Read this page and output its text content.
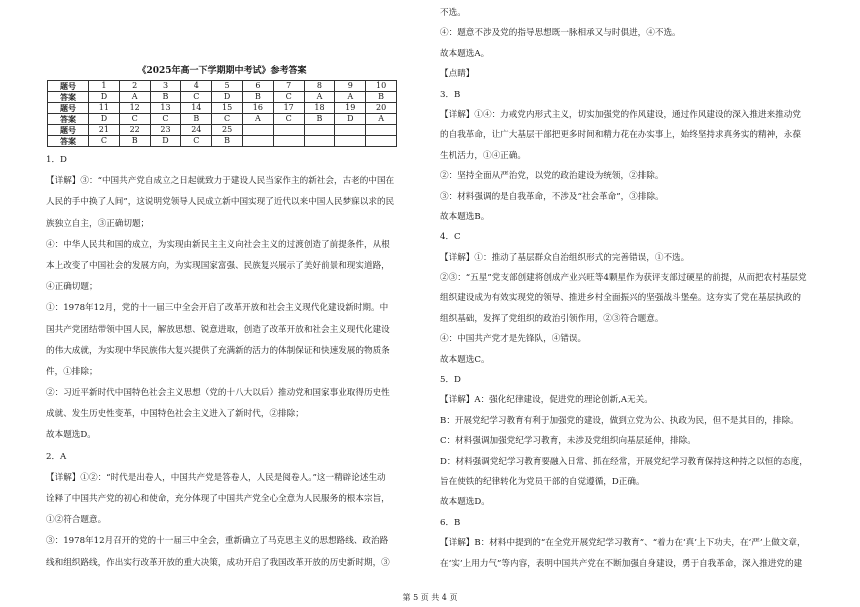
《2025年高一下学期期中考试》参考答案
题号	1	2	3	4	5	6	7	8	9	10
答案	D	A	B	C	D	B	C	A	A	B
题号	11	12	13	14	15	16	17	18	19	20
答案	D	C	C	B	C	A	C	B	D	A
题号	21	22	23	24	25					
答案	C	B	D	C	B					
1．D
【详解】③：“中国共产党自成立之日起就致力于建设人民当家作主的新社会，古老的中国在
人民的手中换了人间”，这说明党领导人民成立新中国实现了近代以来中国人民梦寐以求的民
族独立自主，③正确切题；
④：中华人民共和国的成立，为实现由新民主主义向社会主义的过渡创造了前提条件，从根
本上改变了中国社会的发展方向，为实现国家富强、民族复兴展示了美好前景和现实道路，
④正确切题；
①：1978年12月，党的十一届三中全会开启了改革开放和社会主义现代化建设新时期。中
国共产党团结带领中国人民，解放思想、锐意进取，创造了改革开放和社会主义现代化建设
的伟大成就，为实现中华民族伟大复兴提供了充满新的活力的体制保证和快速发展的物质条
件，①排除；
②：习近平新时代中国特色社会主义思想（党的十八大以后）推动党和国家事业取得历史性
成就、发生历史性变革，中国特色社会主义进入了新时代，②排除；
故本题选D。
2．A
【详解】①②：“时代是出卷人，中国共产党是答卷人，人民是阅卷人。”这一精辟论述生动
诠释了中国共产党的初心和使命，充分体现了中国共产党全心全意为人民服务的根本宗旨，
①②符合题意。
③：1978年12月召开的党的十一届三中全会，重新确立了马克思主义的思想路线、政治路
线和组织路线，作出实行改革开放的重大决策，成功开启了我国改革开放的历史新时期，③
不选。
④：题意不涉及党的指导思想既一脉相承又与时俱进，④不选。
故本题选A。
【点睛】
3．B
【详解】①④：力戒党内形式主义，切实加强党的作风建设，通过作风建设的深入推进来推动党
的自我革命，让广大基层干部把更多时间和精力花在办实事上，始终坚持求真务实的精神，永葆
生机活力，①④正确。
②：坚持全面从严治党，以党的政治建设为统领，②排除。
③：材料强调的是自我革命，不涉及“社会革命”，③排除。
故本题选B。
4．C
【详解】①：推动了基层群众自治组织形式的完善错误，①不选。
②③：“五星”党支部创建将创成产业兴旺等4颗星作为获评支部过硬星的前提，从而把农村基层党
组织建设成为有效实现党的领导、推进乡村全面振兴的坚强战斗堡垒。这夯实了党在基层执政的
组织基础，发挥了党组织的政治引领作用，②③符合题意。
④：中国共产党才是先锋队，④错误。
故本题选C。
5．D
【详解】A：强化纪律建设，促进党的理论创新,A无关。
B：开展党纪学习教育有利于加强党的建设，做到立党为公、执政为民，但不是其目的，排除。
C：材料强调加强党纪学习教育，未涉及党组织向基层延伸，排除。
D：材料强调党纪学习教育要融入日常、抓在经常，开展党纪学习教育保持这种持之以恒的态度，
旨在使铁的纪律转化为党员干部的自觉遵循，D正确。
故本题选D。
6．B
【详解】B：材料中提到的“在全党开展党纪学习教育”、“着力在‘真’上下功夫，在‘严’上做文章，
在‘实’上用力气”等内容，表明中国共产党在不断加强自身建设，勇于自我革命，深入推进党的建
第 5 页 共 4 页
